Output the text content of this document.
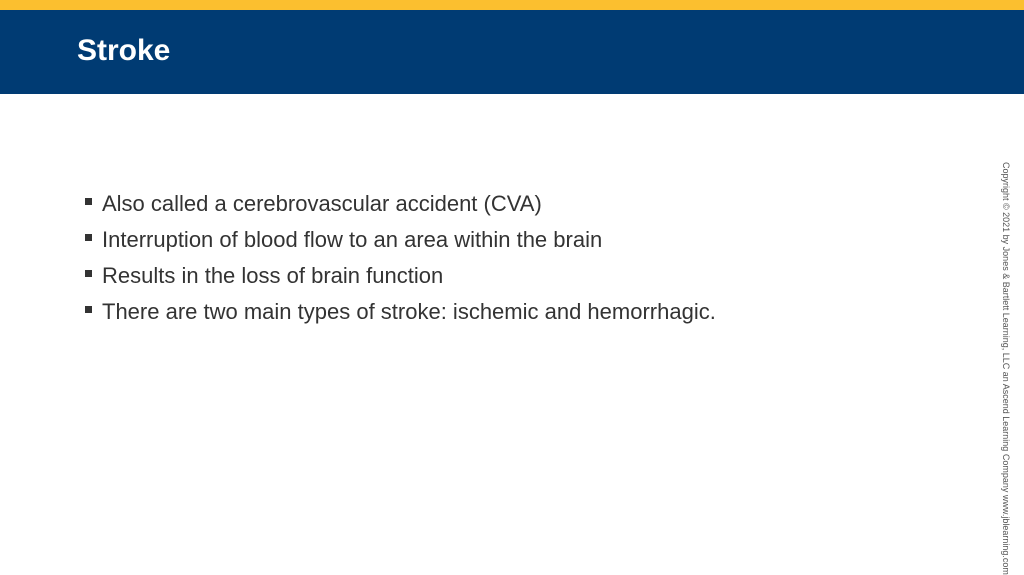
Stroke
Also called a cerebrovascular accident (CVA)
Interruption of blood flow to an area within the brain
Results in the loss of brain function
There are two main types of stroke: ischemic and hemorrhagic.	Copyright © 2021 by Jones & Bartlett Learning, LLC an Ascend Learning Company www.jblearning.com
